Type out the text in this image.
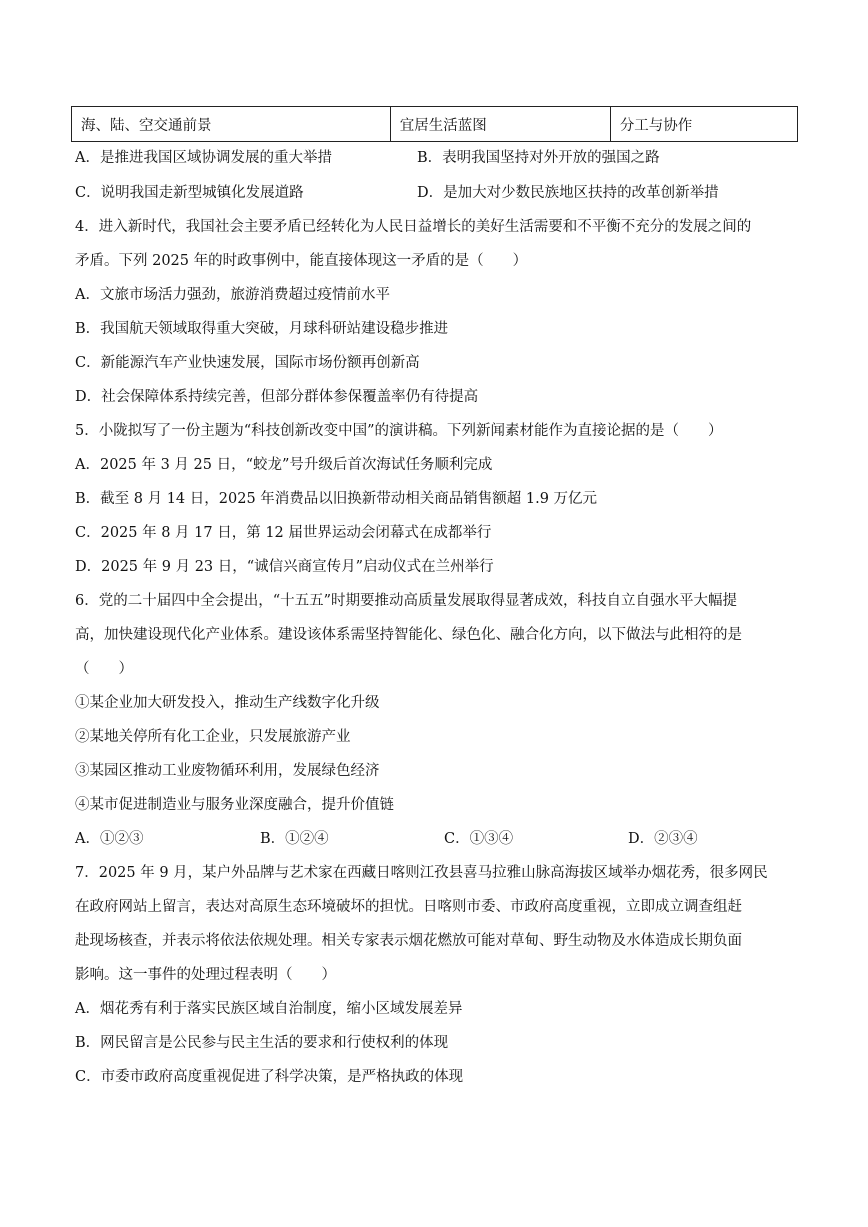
海、陆、空交通前景	宜居生活蓝图	分工与协作
A．是推进我国区域协调发展的重大举措	B．表明我国坚持对外开放的强国之路
C．说明我国走新型城镇化发展道路	D．是加大对少数民族地区扶持的改革创新举措
4．进入新时代，我国社会主要矛盾已经转化为人民日益增长的美好生活需要和不平衡不充分的发展之间的
矛盾。下列 2025 年的时政事例中，能直接体现这一矛盾的是（　　）
A．文旅市场活力强劲，旅游消费超过疫情前水平
B．我国航天领域取得重大突破，月球科研站建设稳步推进
C．新能源汽车产业快速发展，国际市场份额再创新高
D．社会保障体系持续完善，但部分群体参保覆盖率仍有待提高
5．小陇拟写了一份主题为“科技创新改变中国”的演讲稿。下列新闻素材能作为直接论据的是（　　）
A．2025 年 3 月 25 日，“蛟龙”号升级后首次海试任务顺利完成
B．截至 8 月 14 日，2025 年消费品以旧换新带动相关商品销售额超 1.9 万亿元
C．2025 年 8 月 17 日，第 12 届世界运动会闭幕式在成都举行
D．2025 年 9 月 23 日，“诚信兴商宣传月”启动仪式在兰州举行
6．党的二十届四中全会提出，“十五五”时期要推动高质量发展取得显著成效，科技自立自强水平大幅提
高，加快建设现代化产业体系。建设该体系需坚持智能化、绿色化、融合化方向，以下做法与此相符的是
（　　）
①某企业加大研发投入，推动生产线数字化升级
②某地关停所有化工企业，只发展旅游产业
③某园区推动工业废物循环利用，发展绿色经济
④某市促进制造业与服务业深度融合，提升价值链
A．①②③	B．①②④	C．①③④	D．②③④
7．2025 年 9 月，某户外品牌与艺术家在西藏日喀则江孜县喜马拉雅山脉高海拔区域举办烟花秀，很多网民
在政府网站上留言，表达对高原生态环境破坏的担忧。日喀则市委、市政府高度重视，立即成立调查组赶
赴现场核查，并表示将依法依规处理。相关专家表示烟花燃放可能对草甸、野生动物及水体造成长期负面
影响。这一事件的处理过程表明（　　）
A．烟花秀有利于落实民族区域自治制度，缩小区域发展差异
B．网民留言是公民参与民主生活的要求和行使权利的体现
C．市委市政府高度重视促进了科学决策，是严格执政的体现
